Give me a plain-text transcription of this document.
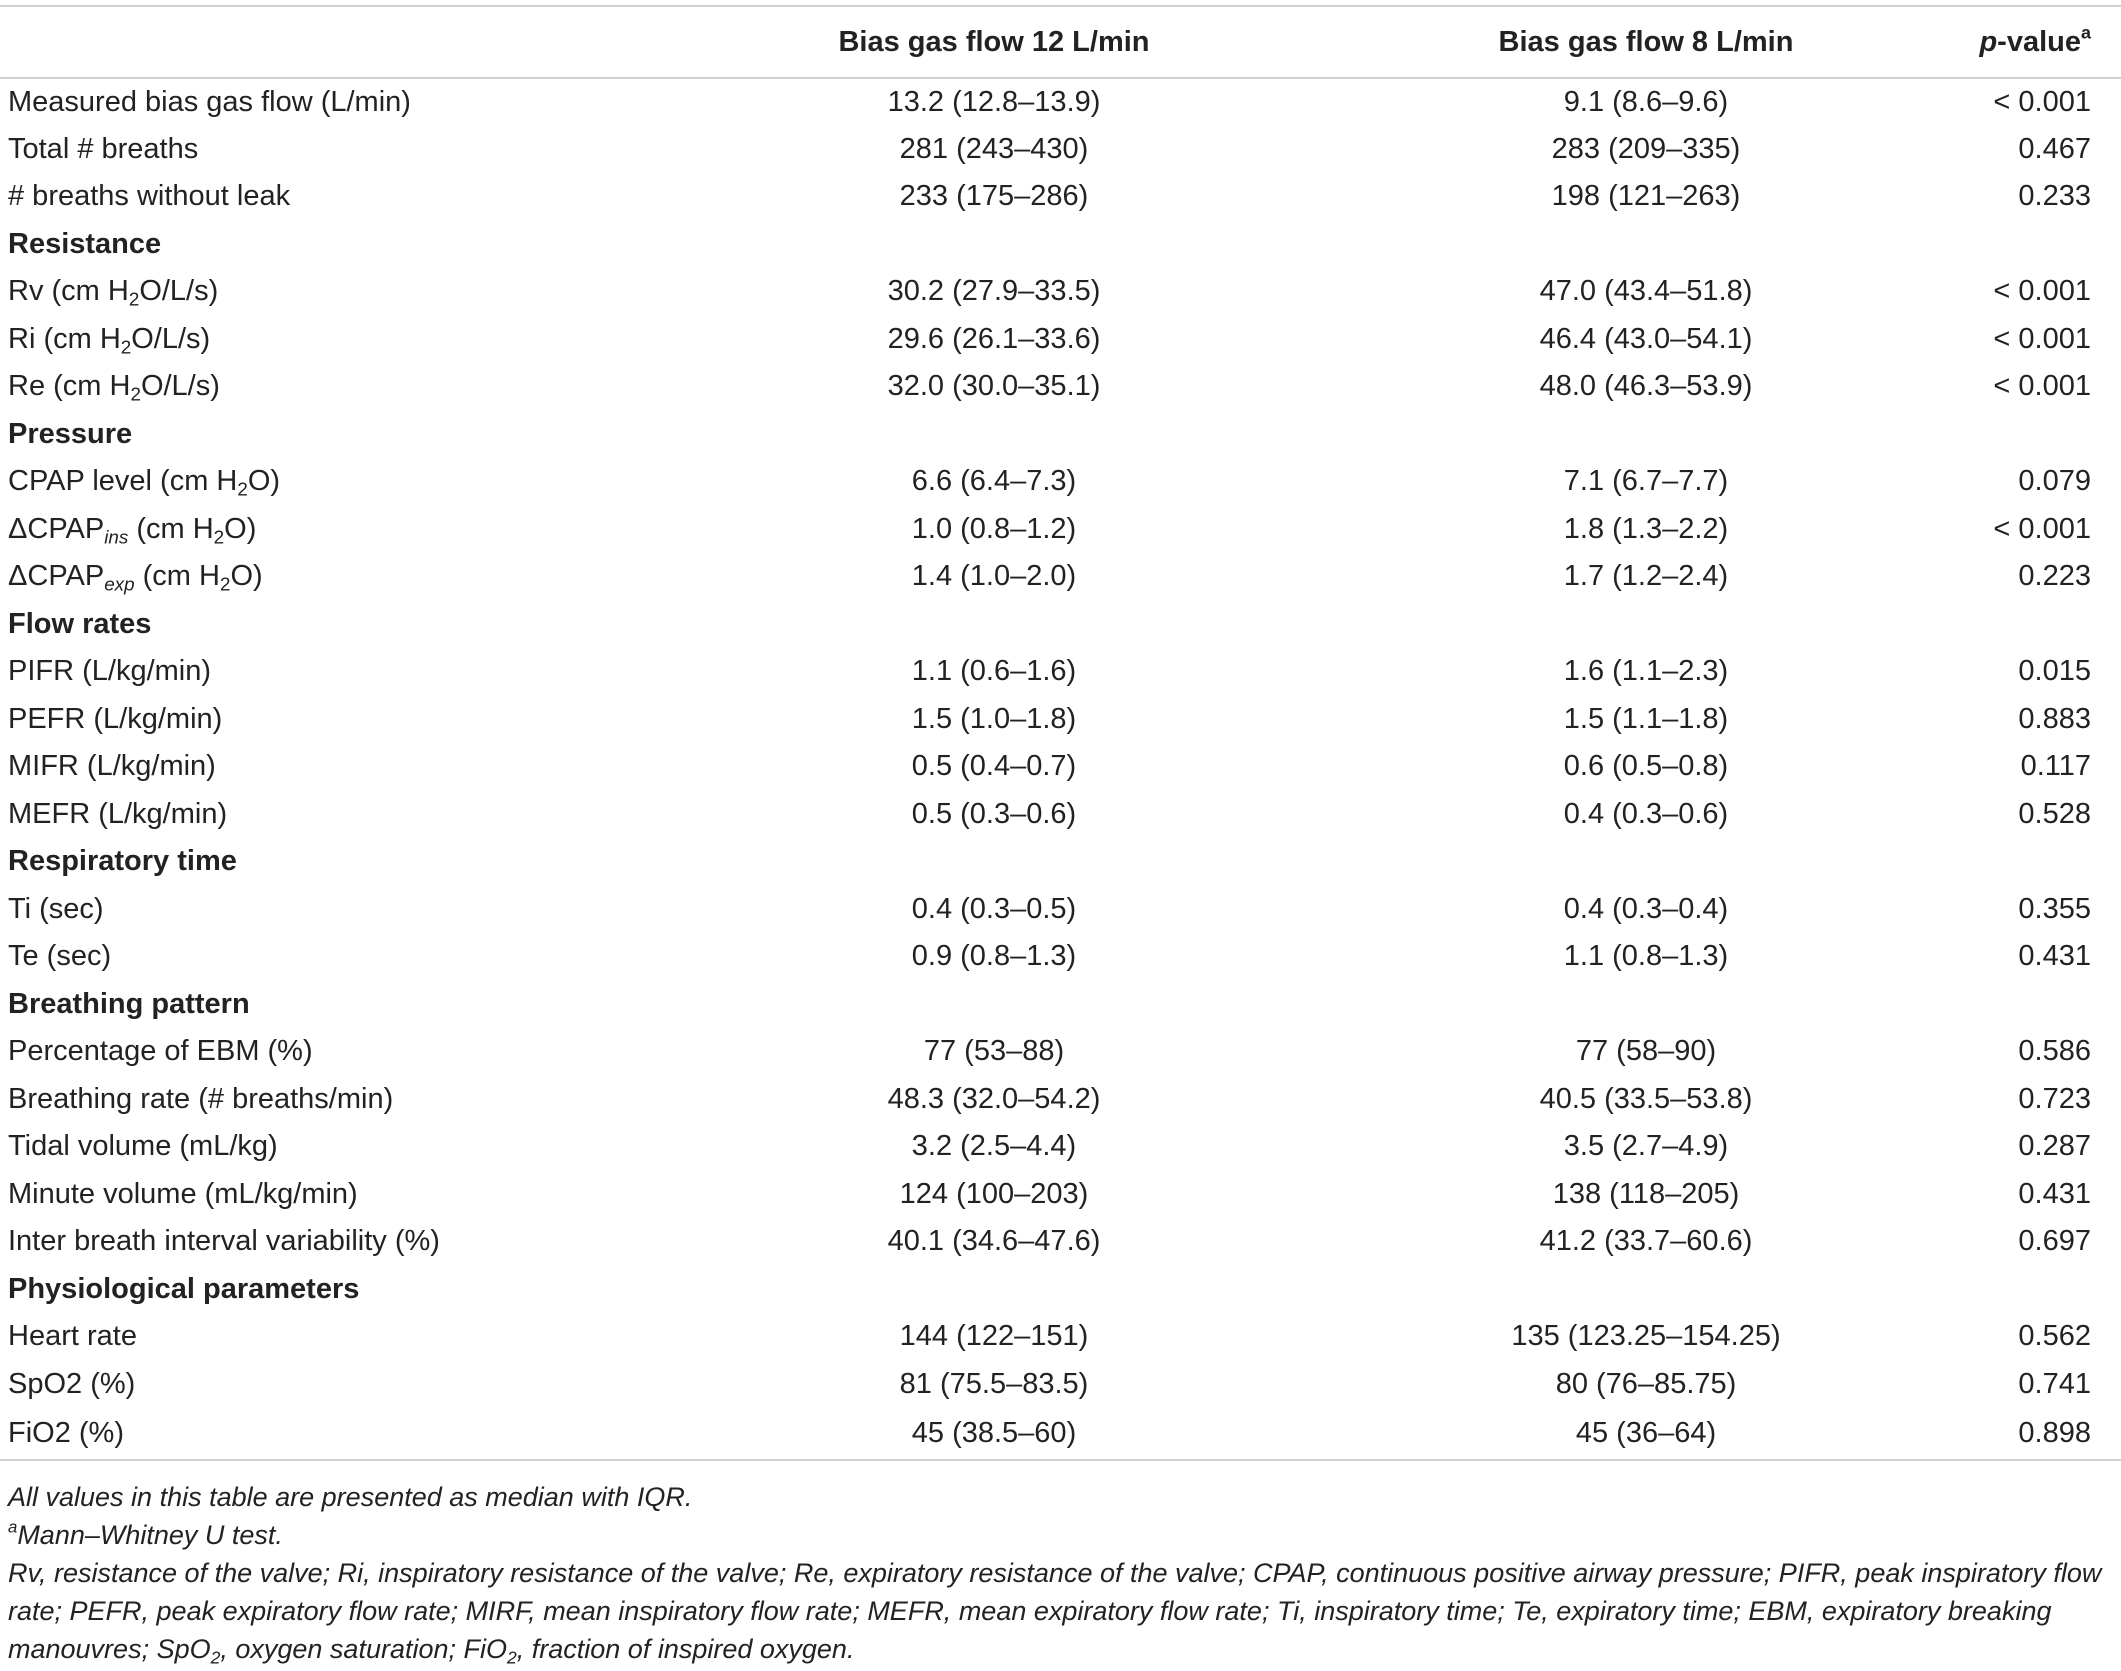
	Bias gas flow 12 L/min	Bias gas flow 8 L/min	p-value$^a$
Measured bias gas flow (L/min)	13.2 (12.8–13.9)	9.1 (8.6–9.6)	< 0.001
Total # breaths	281 (243–430)	283 (209–335)	0.467
# breaths without leak	233 (175–286)	198 (121–263)	0.233
Resistance			
Rv (cm $H_2O/L/s$)	30.2 (27.9–33.5)	47.0 (43.4–51.8)	< 0.001
Ri (cm $H_2O/L/s$)	29.6 (26.1–33.6)	46.4 (43.0–54.1)	< 0.001
Re (cm $H_2O/L/s$)	32.0 (30.0–35.1)	48.0 (46.3–53.9)	< 0.001
Pressure			
CPAP level (cm $H_2O$)	6.6 (6.4–7.3)	7.1 (6.7–7.7)	0.079
$\Delta CPAP_{ins}$ (cm $H_2O$)	1.0 (0.8–1.2)	1.8 (1.3–2.2)	< 0.001
$\Delta CPAP_{exp}$ (cm $H_2O$)	1.4 (1.0–2.0)	1.7 (1.2–2.4)	0.223
Flow rates			
PIFR (L/kg/min)	1.1 (0.6–1.6)	1.6 (1.1–2.3)	0.015
PEFR (L/kg/min)	1.5 (1.0–1.8)	1.5 (1.1–1.8)	0.883
MIFR (L/kg/min)	0.5 (0.4–0.7)	0.6 (0.5–0.8)	0.117
MEFR (L/kg/min)	0.5 (0.3–0.6)	0.4 (0.3–0.6)	0.528
Respiratory time			
Ti (sec)	0.4 (0.3–0.5)	0.4 (0.3–0.4)	0.355
Te (sec)	0.9 (0.8–1.3)	1.1 (0.8–1.3)	0.431
Breathing pattern			
Percentage of EBM (%)	77 (53–88)	77 (58–90)	0.586
Breathing rate (# breaths/min)	48.3 (32.0–54.2)	40.5 (33.5–53.8)	0.723
Tidal volume (mL/kg)	3.2 (2.5–4.4)	3.5 (2.7–4.9)	0.287
Minute volume (mL/kg/min)	124 (100–203)	138 (118–205)	0.431
Inter breath interval variability (%)	40.1 (34.6–47.6)	41.2 (33.7–60.6)	0.697
Physiological parameters			
Heart rate	144 (122–151)	135 (123.25–154.25)	0.562
SpO2 (%)	81 (75.5–83.5)	80 (76–85.75)	0.741
FiO2 (%)	45 (38.5–60)	45 (36–64)	0.898

All values in this table are presented as median with IQR.

$^a$Mann–Whitney U test.

Rv, resistance of the valve; Ri, inspiratory resistance of the valve; Re, expiratory resistance of the valve; CPAP, continuous positive airway pressure; PIFR, peak inspiratory flow rate; PEFR, peak expiratory flow rate; MIRF, mean inspiratory flow rate; MEFR, mean expiratory flow rate; Ti, inspiratory time; Te, expiratory time; EBM, expiratory breaking manouvres; SpO$_2$, oxygen saturation; FiO$_2$, fraction of inspired oxygen.
